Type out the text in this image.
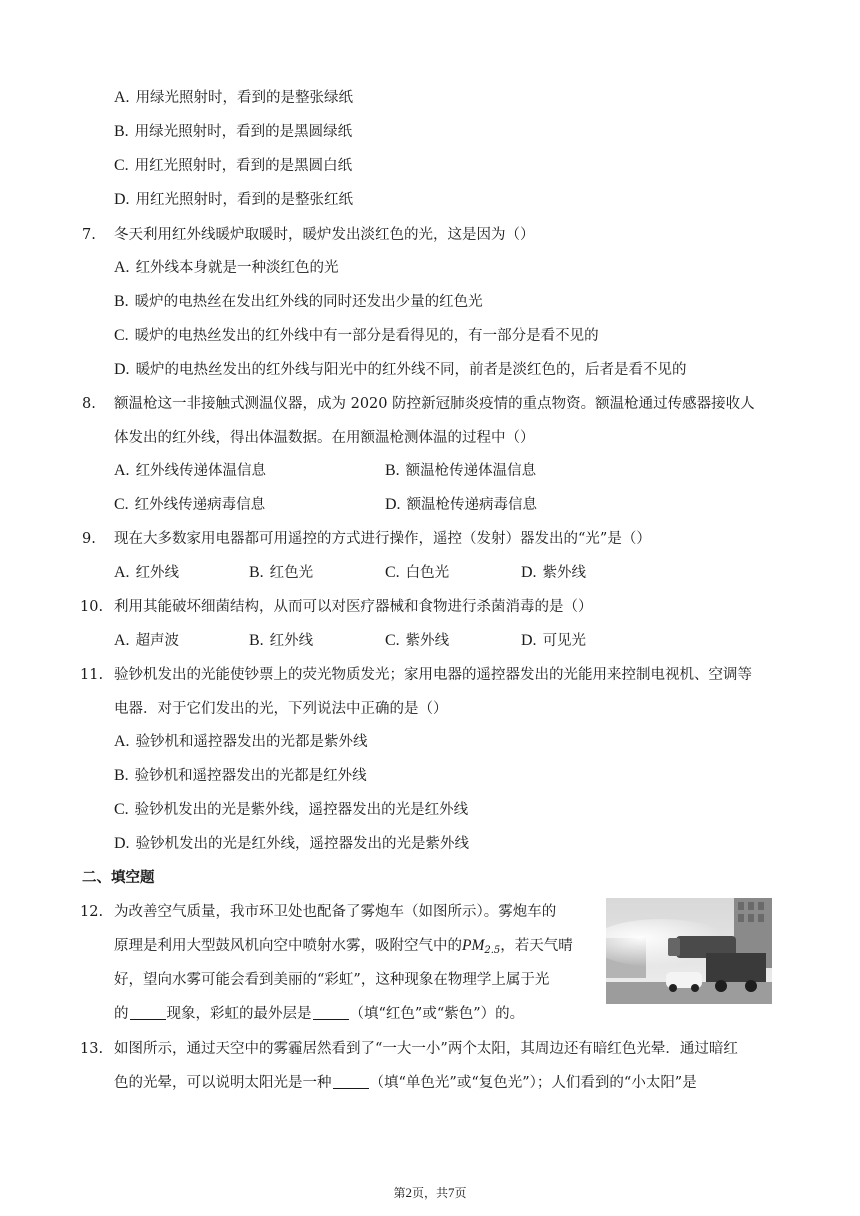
A. 用绿光照射时，看到的是整张绿纸
B. 用绿光照射时，看到的是黑圆绿纸
C. 用红光照射时，看到的是黑圆白纸
D. 用红光照射时，看到的是整张红纸
7. 冬天利用红外线暖炉取暖时，暖炉发出淡红色的光，这是因为（）
A. 红外线本身就是一种淡红色的光
B. 暖炉的电热丝在发出红外线的同时还发出少量的红色光
C. 暖炉的电热丝发出的红外线中有一部分是看得见的，有一部分是看不见的
D. 暖炉的电热丝发出的红外线与阳光中的红外线不同，前者是淡红色的，后者是看不见的
8. 额温枪这一非接触式测温仪器，成为 2020 防控新冠肺炎疫情的重点物资。额温枪通过传感器接收人
体发出的红外线，得出体温数据。在用额温枪测体温的过程中（）
A. 红外线传递体温信息	B. 额温枪传递体温信息
C. 红外线传递病毒信息	D. 额温枪传递病毒信息
9. 现在大多数家用电器都可用遥控的方式进行操作，遥控（发射）器发出的“光”是（）
A. 红外线	B. 红色光	C. 白色光	D. 紫外线
10. 利用其能破坏细菌结构，从而可以对医疗器械和食物进行杀菌消毒的是（）
A. 超声波	B. 红外线	C. 紫外线	D. 可见光
11. 验钞机发出的光能使钞票上的荧光物质发光；家用电器的遥控器发出的光能用来控制电视机、空调等
电器．对于它们发出的光，下列说法中正确的是（）
A. 验钞机和遥控器发出的光都是紫外线
B. 验钞机和遥控器发出的光都是红外线
C. 验钞机发出的光是紫外线，遥控器发出的光是红外线
D. 验钞机发出的光是红外线，遥控器发出的光是紫外线
二、填空题
12. 为改善空气质量，我市环卫处也配备了雾炮车（如图所示）。雾炮车的
原理是利用大型鼓风机向空中喷射水雾，吸附空气中的$PM_{2.5}$，若天气晴
好，望向水雾可能会看到美丽的“彩虹”，这种现象在物理学上属于光
的	现象，彩虹的最外层是	（填“红色”或“紫色”）的。
13. 如图所示，通过天空中的雾霾居然看到了“一大一小”两个太阳，其周边还有暗红色光晕．通过暗红
色的光晕，可以说明太阳光是一种	（填“单色光”或“复色光”）；人们看到的“小太阳”是
第2页，共7页
